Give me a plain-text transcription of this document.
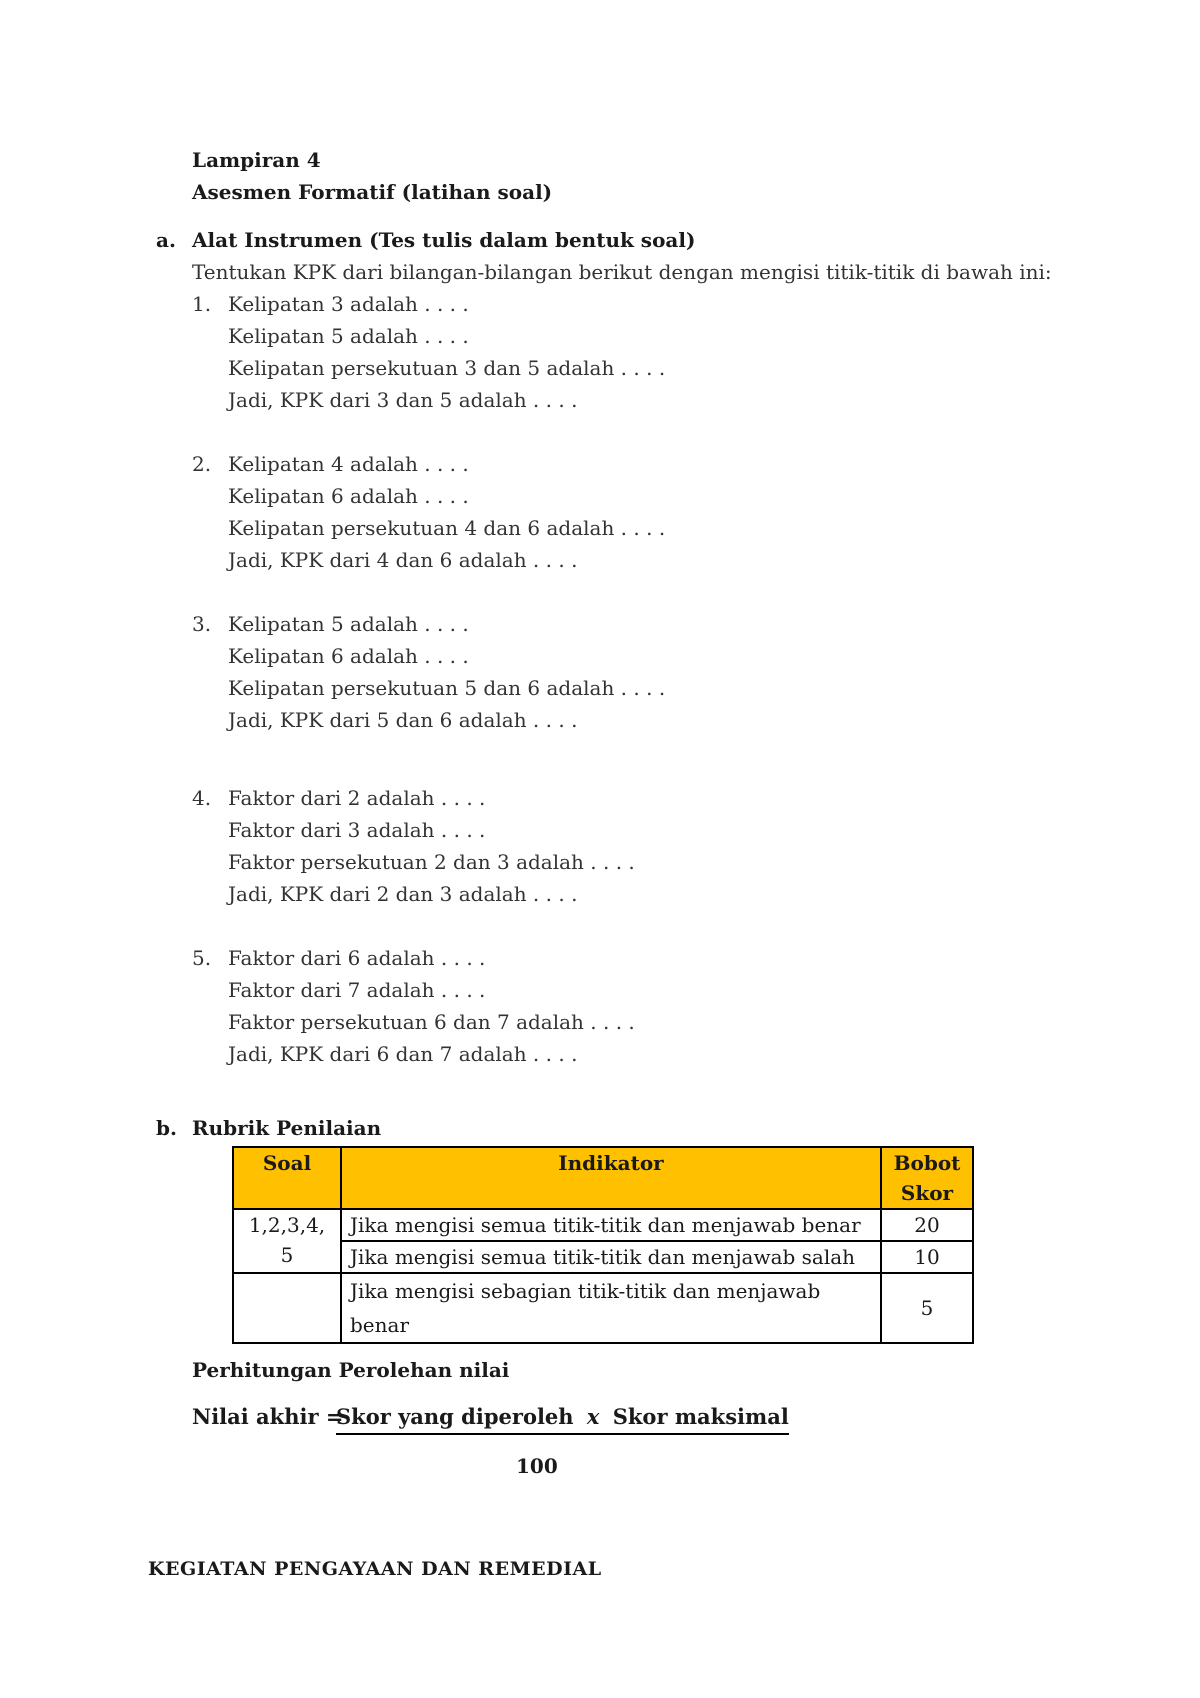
Lampiran 4
Asesmen Formatif (latihan soal)
a. Alat Instrumen (Tes tulis dalam bentuk soal)
Tentukan KPK dari bilangan-bilangan berikut dengan mengisi titik-titik di bawah ini:
1. Kelipatan 3 adalah . . . .
Kelipatan 5 adalah . . . .
Kelipatan persekutuan 3 dan 5 adalah . . . .
Jadi, KPK dari 3 dan 5 adalah . . . .
2. Kelipatan 4 adalah . . . .
Kelipatan 6 adalah . . . .
Kelipatan persekutuan 4 dan 6 adalah . . . .
Jadi, KPK dari 4 dan 6 adalah . . . .
3. Kelipatan 5 adalah . . . .
Kelipatan 6 adalah . . . .
Kelipatan persekutuan 5 dan 6 adalah . . . .
Jadi, KPK dari 5 dan 6 adalah . . . .
4. Faktor dari 2 adalah . . . .
Faktor dari 3 adalah . . . .
Faktor persekutuan 2 dan 3 adalah . . . .
Jadi, KPK dari 2 dan 3 adalah . . . .
5. Faktor dari 6 adalah . . . .
Faktor dari 7 adalah . . . .
Faktor persekutuan 6 dan 7 adalah . . . .
Jadi, KPK dari 6 dan 7 adalah . . . .
b. Rubrik Penilaian
Soal	Indikator	Bobot
Skor

1,2,3,4,
5	Jika mengisi semua titik-titik dan menjawab benar	20
	Jika mengisi semua titik-titik dan menjawab salah	10
	Jika mengisi sebagian titik-titik dan menjawab benar	5
Perhitungan Perolehan nilai
Nilai akhir =
Skor yang diperoleh x Skor maksimal
100
KEGIATAN PENGAYAAN DAN REMEDIAL
